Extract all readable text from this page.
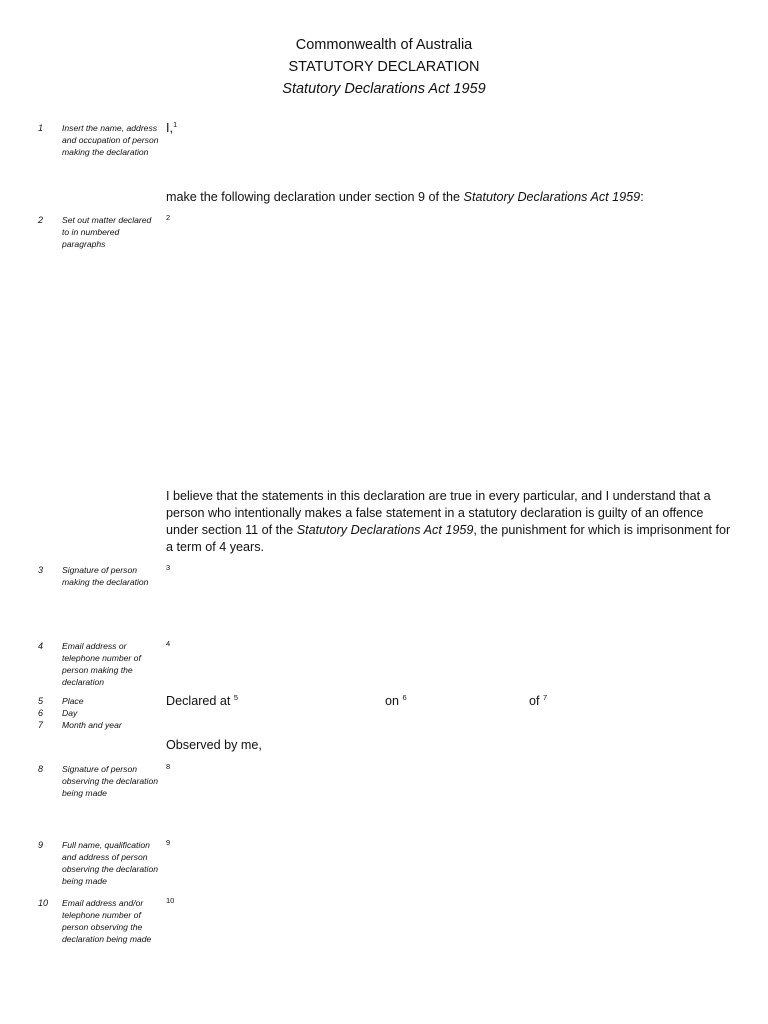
Commonwealth of Australia
STATUTORY DECLARATION
Statutory Declarations Act 1959
1 Insert the name, address and occupation of person making the declaration
I,$^1$
make the following declaration under section 9 of the Statutory Declarations Act 1959:
2 Set out matter declared to in numbered paragraphs
2
I believe that the statements in this declaration are true in every particular, and I understand that a person who intentionally makes a false statement in a statutory declaration is guilty of an offence under section 11 of the Statutory Declarations Act 1959, the punishment for which is imprisonment for a term of 4 years.
3 Signature of person making the declaration
3
4 Email address or telephone number of person making the declaration
4
5
6
7
Place
Day
Month and year
Declared at $^5$	on $^6$	of $^7$
Observed by me,
8 Signature of person observing the declaration being made
8
9 Full name, qualification and address of person observing the declaration being made
9
10 Email address and/or telephone number of person observing the declaration being made
10
